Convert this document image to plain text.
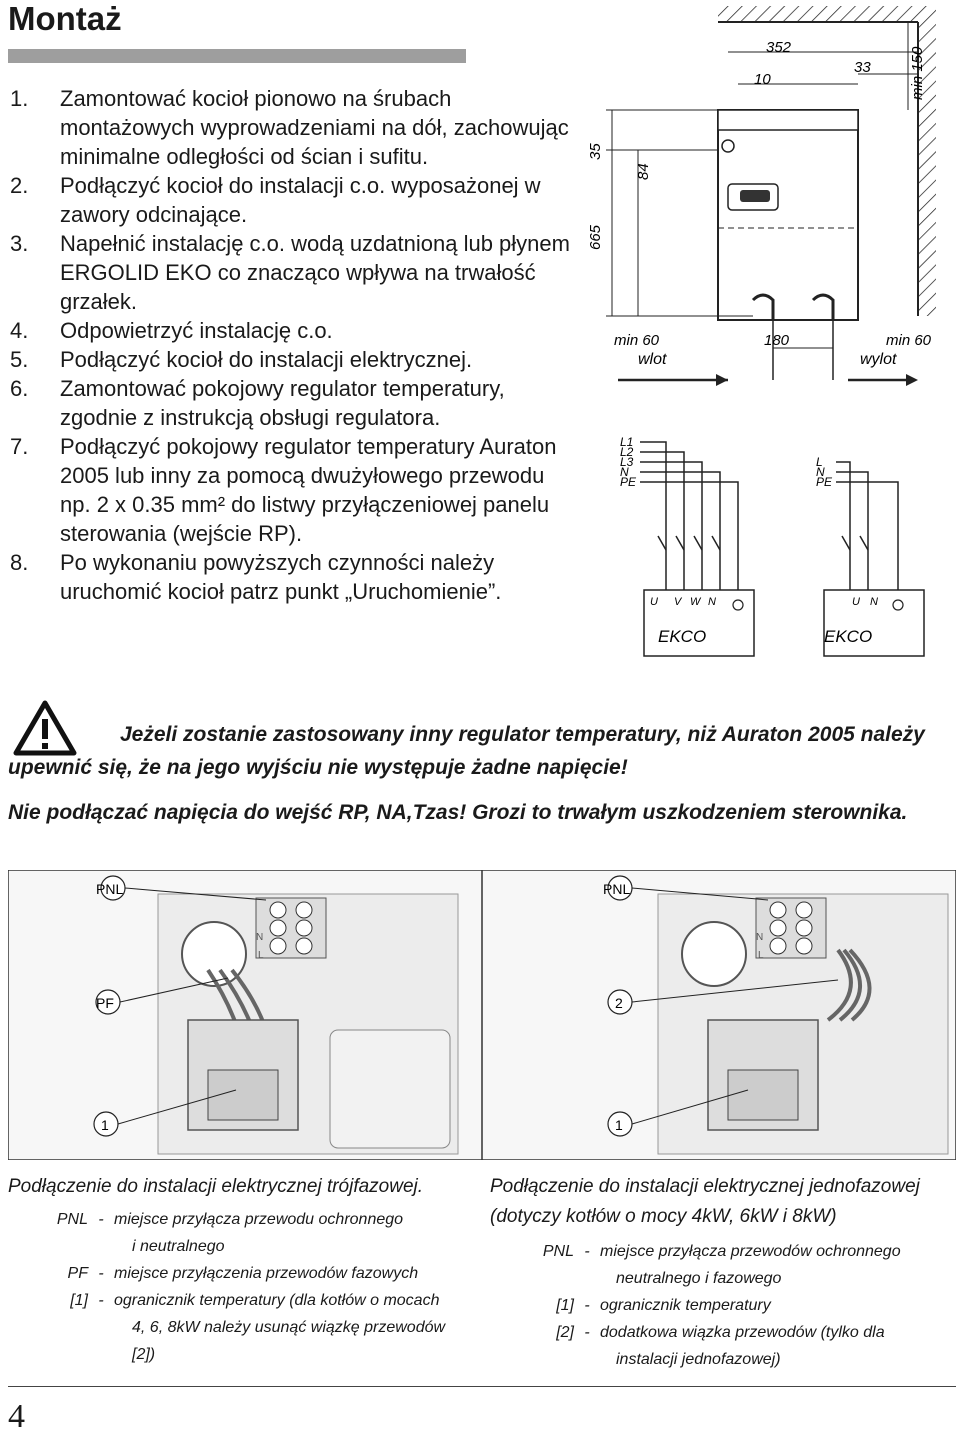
Montaż
1.	Zamontować kocioł pionowo na śrubach montażowych wyprowadzeniami na dół, zachowując minimalne odległości od ścian i sufitu.
2.	Podłączyć kocioł do instalacji c.o. wyposażonej w zawory odcinające.
3.	Napełnić instalację c.o. wodą uzdatnioną lub płynem ERGOLID EKO co znacząco wpływa na trwałość grzałek.
4.	Odpowietrzyć instalację c.o.
5.	Podłączyć kocioł do instalacji elektrycznej.
6.	Zamontować pokojowy regulator temperatury, zgodnie z instrukcją obsługi regulatora.
7.	Podłączyć pokojowy regulator temperatury Auraton 2005 lub inny za pomocą dwużyłowego przewodu np. 2 x 0.35 mm² do listwy przyłączeniowej panelu sterowania (wejście RP).
8.	Po wykonaniu powyższych czynności należy uruchomić kocioł patrz punkt „Uruchomienie”.
352
10
33	min 150
35
84
665
min 60	180	min 60
wlot	wylot
L1
L2
L3
N
PE
U V W N
EKCO
L
N
PE
U N
EKCO
Jeżeli zostanie zastosowany inny regulator temperatury, niż Auraton 2005 należy upewnić się, że na jego wyjściu nie występuje żadne napięcie!
Nie podłączać napięcia do wejść RP, NA,Tzas! Grozi to trwałym uszkodzeniem sterownika.
N
L
PNL
PF
1
N
L
PNL
2
1
Podłączenie do instalacji elektrycznej trójfazowej.
PNL - miejsce przyłącza przewodu ochronnego
i neutralnego
PF - miejsce przyłączenia przewodów fazowych
[1] - ogranicznik temperatury (dla kotłów o mocach
4, 6, 8kW należy usunąć wiązkę przewodów
[2])
Podłączenie do instalacji elektrycznej jednofazowej
(dotyczy kotłów o mocy 4kW, 6kW i 8kW)
PNL - miejsce przyłącza przewodów ochronnego
neutralnego i fazowego
[1] - ogranicznik temperatury
[2] - dodatkowa wiązka przewodów (tylko dla
instalacji jednofazowej)
4
